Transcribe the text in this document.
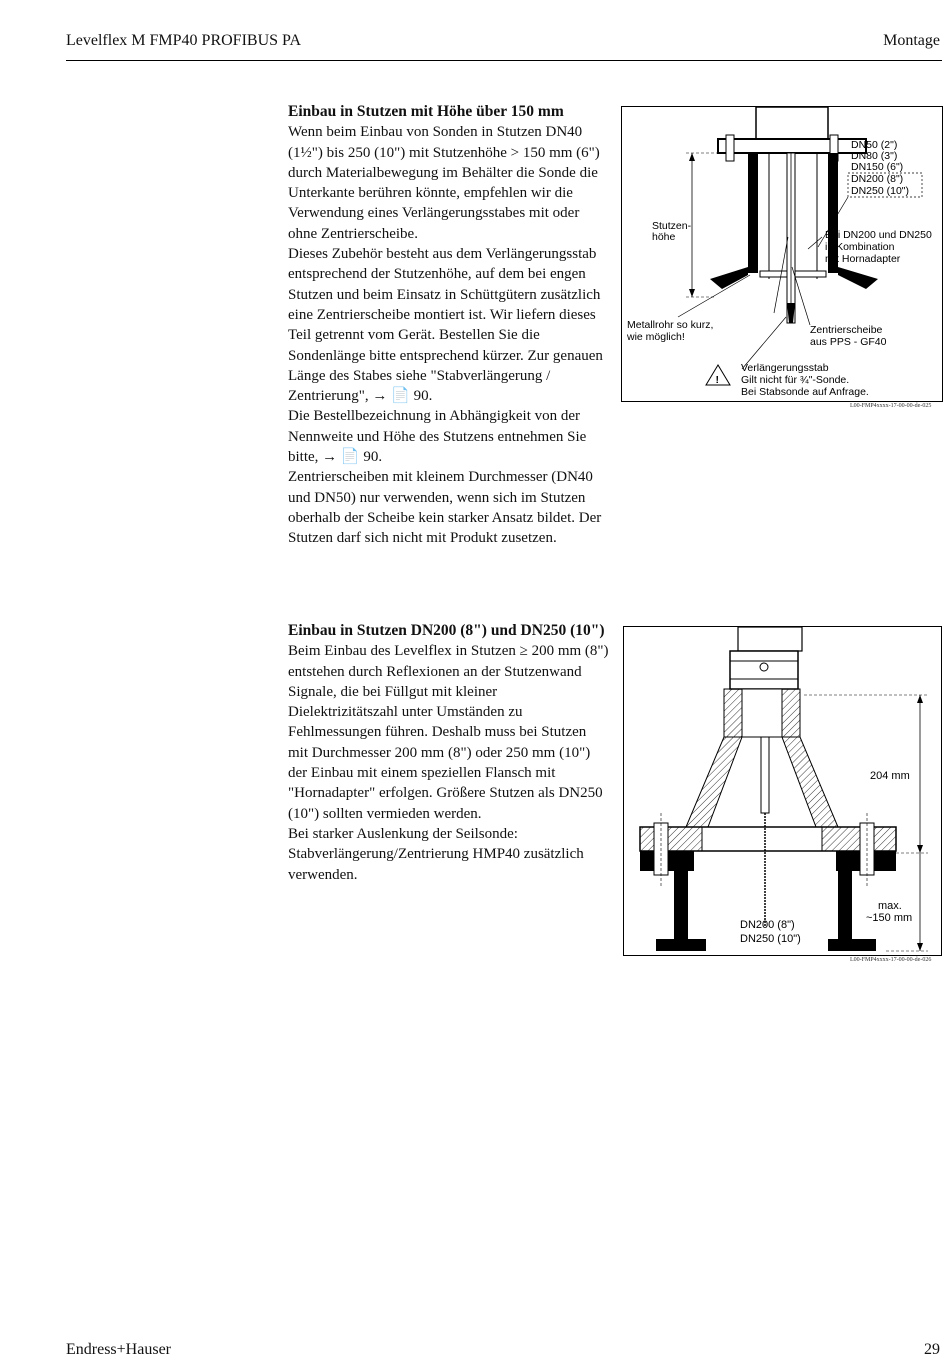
Levelflex M FMP40 PROFIBUS PA	Montage
Einbau in Stutzen mit Höhe über 150 mm

Wenn beim Einbau von Sonden in Stutzen DN40 (1½") bis 250 (10") mit Stutzenhöhe > 150 mm (6") durch Materialbewegung im Behälter die Sonde die Unterkante berühren könnte, empfehlen wir die Verwendung eines Verlängerungsstabes mit oder ohne Zentrierscheibe.

Dieses Zubehör besteht aus dem Verlängerungsstab entsprechend der Stutzenhöhe, auf dem bei engen Stutzen und beim Einsatz in Schüttgütern zusätzlich eine Zentrierscheibe montiert ist. Wir liefern dieses Teil getrennt vom Gerät. Bestellen Sie die Sondenlänge bitte entsprechend kürzer. Zur genauen Länge des Stabes siehe "Stabverlängerung / Zentrierung", → 📄 90.

Die Bestellbezeichnung in Abhängigkeit von der Nennweite und Höhe des Stutzens entnehmen Sie bitte, → 📄 90.

Zentrierscheiben mit kleinem Durchmesser (DN40 und DN50) nur verwenden, wenn sich im Stutzen oberhalb der Scheibe kein starker Ansatz bildet. Der Stutzen darf sich nicht mit Produkt zusetzen.

Einbau in Stutzen DN200 (8") und DN250 (10")

Beim Einbau des Levelflex in Stutzen ≥ 200 mm (8") entstehen durch Reflexionen an der Stutzenwand Signale, die bei Füllgut mit kleiner Dielektrizitätszahl unter Umständen zu Fehlmessungen führen. Deshalb muss bei Stutzen mit Durchmesser 200 mm (8") oder 250 mm (10") der Einbau mit einem speziellen Flansch mit "Hornadapter" erfolgen. Größere Stutzen als DN250 (10") sollten vermieden werden.

Bei starker Auslenkung der Seilsonde: Stabverlängerung/Zentrierung HMP40 zusätzlich verwenden.

!
DN50 (2")
DN80 (3")
DN150 (6")
DN200 (8")
DN250 (10")
Stutzen-
höhe	Bei DN200 und DN250
in Kombination
mit Hornadapter
Metallrohr so kurz,
wie möglich!
Zentrierscheibe
aus PPS - GF40
Verlängerungsstab
Gilt nicht für ¾"-Sonde.
Bei Stabsonde auf Anfrage.
L00-FMP4xxxx-17-00-00-de-025
204 mm
max.
~150 mm
DN200 (8")
DN250 (10")
L00-FMP4xxxx-17-00-00-de-026
Endress+Hauser	29
